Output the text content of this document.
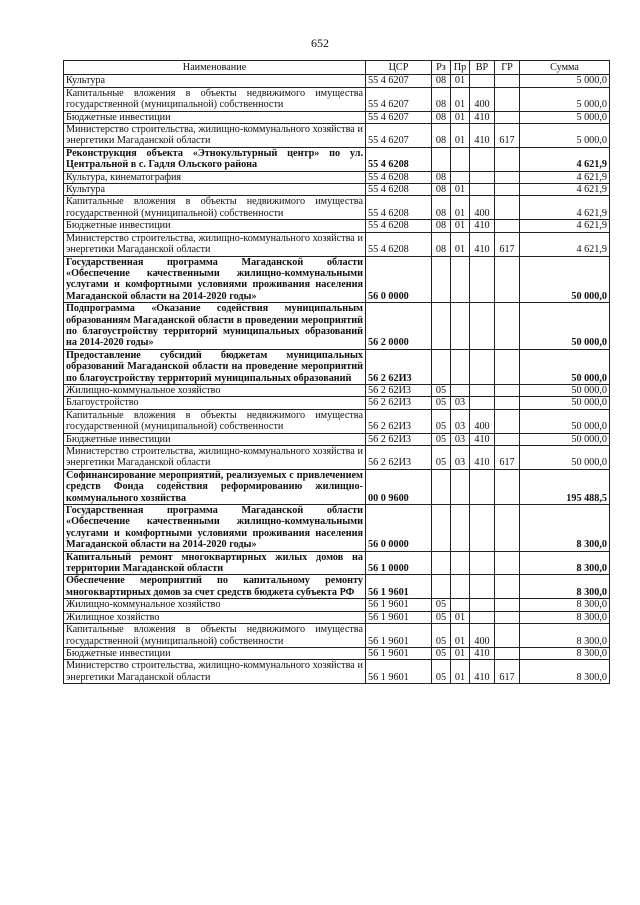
652
Наименование	ЦСР	Рз	Пр	ВР	ГР	Сумма
Культура	55 4 6207	08	01			5 000,0
Капитальные вложения в объекты недвижимого имущества государственной (муниципальной) собственности	55 4 6207	08	01	400		5 000,0
Бюджетные инвестиции	55 4 6207	08	01	410		5 000,0
Министерство строительства, жилищно-коммунального хозяйства и энергетики Магаданской области	55 4 6207	08	01	410	617	5 000,0
Реконструкция объекта «Этнокультурный центр» по ул. Центральной в с. Гадля Ольского района	55 4 6208					4 621,9
Культура, кинематография	55 4 6208	08				4 621,9
Культура	55 4 6208	08	01			4 621,9
Капитальные вложения в объекты недвижимого имущества государственной (муниципальной) собственности	55 4 6208	08	01	400		4 621,9
Бюджетные инвестиции	55 4 6208	08	01	410		4 621,9
Министерство строительства, жилищно-коммунального хозяйства и энергетики Магаданской области	55 4 6208	08	01	410	617	4 621,9
Государственная программа Магаданской области «Обеспечение качественными жилищно-коммунальными услугами и комфортными условиями проживания населения Магаданской области на 2014-2020 годы»	56 0 0000					50 000,0
Подпрограмма «Оказание содействия муниципальным образованиям Магаданской области в проведении мероприятий по благоустройству территорий муниципальных образований на 2014-2020 годы»	56 2 0000					50 000,0
Предоставление субсидий бюджетам муниципальных образований Магаданской области на проведение мероприятий по благоустройству территорий муниципальных образований	56 2 62И3					50 000,0
Жилищно-коммунальное хозяйство	56 2 62И3	05				50 000,0
Благоустройство	56 2 62И3	05	03			50 000,0
Капитальные вложения в объекты недвижимого имущества государственной (муниципальной) собственности	56 2 62И3	05	03	400		50 000,0
Бюджетные инвестиции	56 2 62И3	05	03	410		50 000,0
Министерство строительства, жилищно-коммунального хозяйства и энергетики Магаданской области	56 2 62И3	05	03	410	617	50 000,0
Софинансирование мероприятий, реализуемых с привлечением средств Фонда содействия реформированию жилищно-коммунального хозяйства	00 0 9600					195 488,5
Государственная программа Магаданской области «Обеспечение качественными жилищно-коммунальными услугами и комфортными условиями проживания населения Магаданской области на 2014-2020 годы»	56 0 0000					8 300,0
Капитальный ремонт многоквартирных жилых домов на территории Магаданской области	56 1 0000					8 300,0
Обеспечение мероприятий по капитальному ремонту многоквартирных домов за счет средств бюджета субъекта РФ	56 1 9601					8 300,0
Жилищно-коммунальное хозяйство	56 1 9601	05				8 300,0
Жилищное хозяйство	56 1 9601	05	01			8 300,0
Капитальные вложения в объекты недвижимого имущества государственной (муниципальной) собственности	56 1 9601	05	01	400		8 300,0
Бюджетные инвестиции	56 1 9601	05	01	410		8 300,0
Министерство строительства, жилищно-коммунального хозяйства и энергетики Магаданской области	56 1 9601	05	01	410	617	8 300,0
